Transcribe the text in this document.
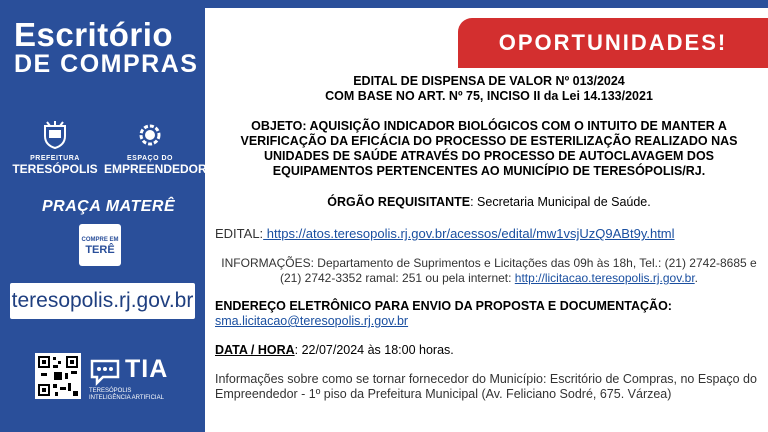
Escritório
DE COMPRAS
PREFEITURA
TERESÓPOLIS
ESPAÇO DO
EMPREENDEDOR
PRAÇA MATERÊ
COMPRE EM
TERÊ
teresopolis.rj.gov.br
TIA
TERESÓPOLIS
INTELIGÊNCIA ARTIFICIAL
OPORTUNIDADES!

EDITAL DE DISPENSA DE VALOR Nº 013/2024

COM BASE NO ART. Nº 75, INCISO II da Lei 14.133/2021

OBJETO: AQUISIÇÃO INDICADOR BIOLÓGICOS COM O INTUITO DE MANTER A VERIFICAÇÃO DA EFICÁCIA DO PROCESSO DE ESTERILIZAÇÃO REALIZADO NAS UNIDADES DE SAÚDE ATRAVÉS DO PROCESSO DE AUTOCLAVAGEM DOS EQUIPAMENTOS PERTENCENTES AO MUNICÍPIO DE TERESÓPOLIS/RJ.

ÓRGÃO REQUISITANTE: Secretaria Municipal de Saúde.

EDITAL: https://atos.teresopolis.rj.gov.br/acessos/edital/mw1vsjUzQ9ABt9y.html

INFORMAÇÕES: Departamento de Suprimentos e Licitações das 09h às 18h, Tel.: (21) 2742-8685 e (21) 2742-3352 ramal: 251 ou pela internet: http://licitacao.teresopolis.rj.gov.br.

ENDEREÇO ELETRÔNICO PARA ENVIO DA PROPOSTA E DOCUMENTAÇÃO:

sma.licitacao@teresopolis.rj.gov.br

DATA / HORA: 22/07/2024 às 18:00 horas.

Informações sobre como se tornar fornecedor do Município: Escritório de Compras, no Espaço do Empreendedor - 1º piso da Prefeitura Municipal (Av. Feliciano Sodré, 675. Várzea)
